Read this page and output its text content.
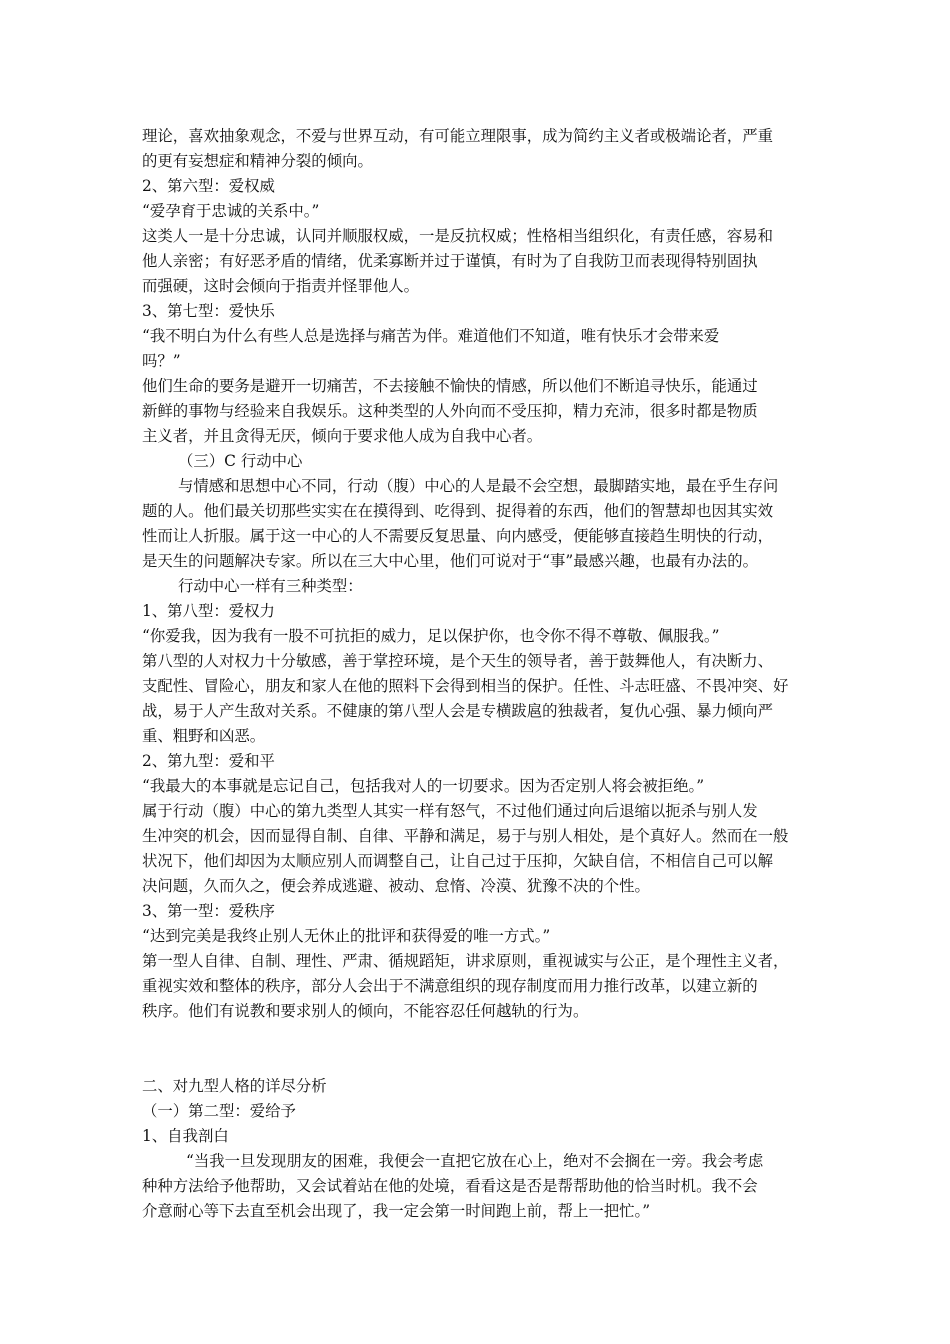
理论，喜欢抽象观念，不爱与世界互动，有可能立理限事，成为简约主义者或极端论者，严重
的更有妄想症和精神分裂的倾向。
2、第六型：爱权威
“爱孕育于忠诚的关系中。”
这类人一是十分忠诚，认同并顺服权威，一是反抗权威；性格相当组织化，有责任感，容易和
他人亲密；有好恶矛盾的情绪，优柔寡断并过于谨慎，有时为了自我防卫而表现得特别固执
而强硬，这时会倾向于指责并怪罪他人。
3、第七型：爱快乐
“我不明白为什么有些人总是选择与痛苦为伴。难道他们不知道，唯有快乐才会带来爱
吗？”
他们生命的要务是避开一切痛苦，不去接触不愉快的情感，所以他们不断追寻快乐，能通过
新鲜的事物与经验来自我娱乐。这种类型的人外向而不受压抑，精力充沛，很多时都是物质
主义者，并且贪得无厌，倾向于要求他人成为自我中心者。
（三）C 行动中心
与情感和思想中心不同，行动（腹）中心的人是最不会空想，最脚踏实地，最在乎生存问
题的人。他们最关切那些实实在在摸得到、吃得到、捉得着的东西，他们的智慧却也因其实效
性而让人折服。属于这一中心的人不需要反复思量、向内感受，便能够直接趋生明快的行动，
是天生的问题解决专家。所以在三大中心里，他们可说对于“事”最感兴趣，也最有办法的。
行动中心一样有三种类型：
1、第八型：爱权力
“你爱我，因为我有一股不可抗拒的威力，足以保护你，也令你不得不尊敬、佩服我。”
第八型的人对权力十分敏感，善于掌控环境，是个天生的领导者，善于鼓舞他人，有决断力、
支配性、冒险心，朋友和家人在他的照料下会得到相当的保护。任性、斗志旺盛、不畏冲突、好
战，易于人产生敌对关系。不健康的第八型人会是专横跋扈的独裁者，复仇心强、暴力倾向严
重、粗野和凶恶。
2、第九型：爱和平
“我最大的本事就是忘记自己，包括我对人的一切要求。因为否定别人将会被拒绝。”
属于行动（腹）中心的第九类型人其实一样有怒气，不过他们通过向后退缩以扼杀与别人发
生冲突的机会，因而显得自制、自律、平静和满足，易于与别人相处，是个真好人。然而在一般
状况下，他们却因为太顺应别人而调整自己，让自己过于压抑，欠缺自信，不相信自己可以解
决问题，久而久之，便会养成逃避、被动、怠惰、冷漠、犹豫不决的个性。
3、第一型：爱秩序
“达到完美是我终止别人无休止的批评和获得爱的唯一方式。”
第一型人自律、自制、理性、严肃、循规蹈矩，讲求原则，重视诚实与公正，是个理性主义者，
重视实效和整体的秩序，部分人会出于不满意组织的现存制度而用力推行改革，以建立新的
秩序。他们有说教和要求别人的倾向，不能容忍任何越轨的行为。
二、对九型人格的详尽分析
（一）第二型：爱给予
1、自我剖白
“当我一旦发现朋友的困难，我便会一直把它放在心上，绝对不会搁在一旁。我会考虑
种种方法给予他帮助，又会试着站在他的处境，看看这是否是帮帮助他的恰当时机。我不会
介意耐心等下去直至机会出现了，我一定会第一时间跑上前，帮上一把忙。”
